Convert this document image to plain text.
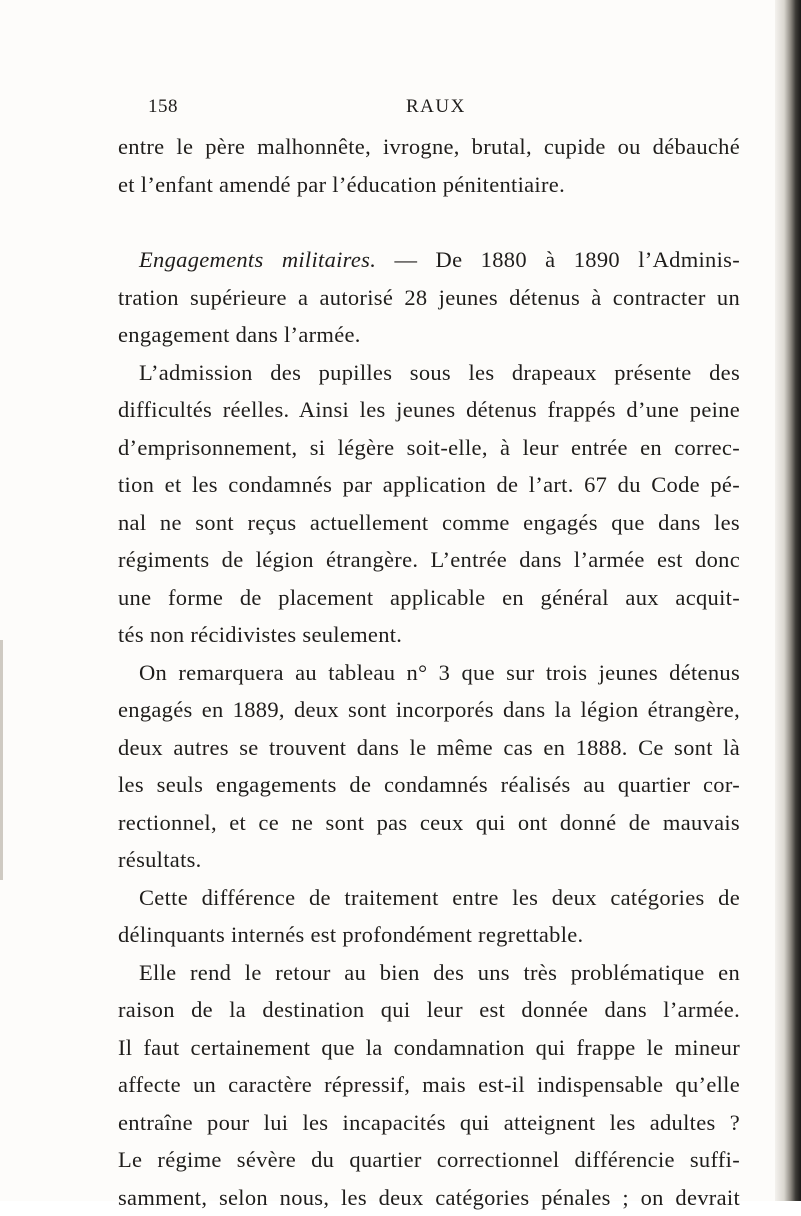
158	RAUX
entre le père malhonnête, ivrogne, brutal, cupide ou débauché
et l’enfant amendé par l’éducation pénitentiaire.
Engagements militaires. — De 1880 à 1890 l’Adminis-
tration supérieure a autorisé 28 jeunes détenus à contracter un
engagement dans l’armée.
L’admission des pupilles sous les drapeaux présente des
difficultés réelles. Ainsi les jeunes détenus frappés d’une peine
d’emprisonnement, si légère soit-elle, à leur entrée en correc-
tion et les condamnés par application de l’art. 67 du Code pé-
nal ne sont reçus actuellement comme engagés que dans les
régiments de légion étrangère. L’entrée dans l’armée est donc
une forme de placement applicable en général aux acquit-
tés non récidivistes seulement.
On remarquera au tableau n° 3 que sur trois jeunes détenus
engagés en 1889, deux sont incorporés dans la légion étrangère,
deux autres se trouvent dans le même cas en 1888. Ce sont là
les seuls engagements de condamnés réalisés au quartier cor-
rectionnel, et ce ne sont pas ceux qui ont donné de mauvais
résultats.
Cette différence de traitement entre les deux catégories de
délinquants internés est profondément regrettable.
Elle rend le retour au bien des uns très problématique en
raison de la destination qui leur est donnée dans l’armée.
Il faut certainement que la condamnation qui frappe le mineur
affecte un caractère répressif, mais est-il indispensable qu’elle
entraîne pour lui les incapacités qui atteignent les adultes ?
Le régime sévère du quartier correctionnel différencie suffi-
samment, selon nous, les deux catégories pénales ; on devrait
